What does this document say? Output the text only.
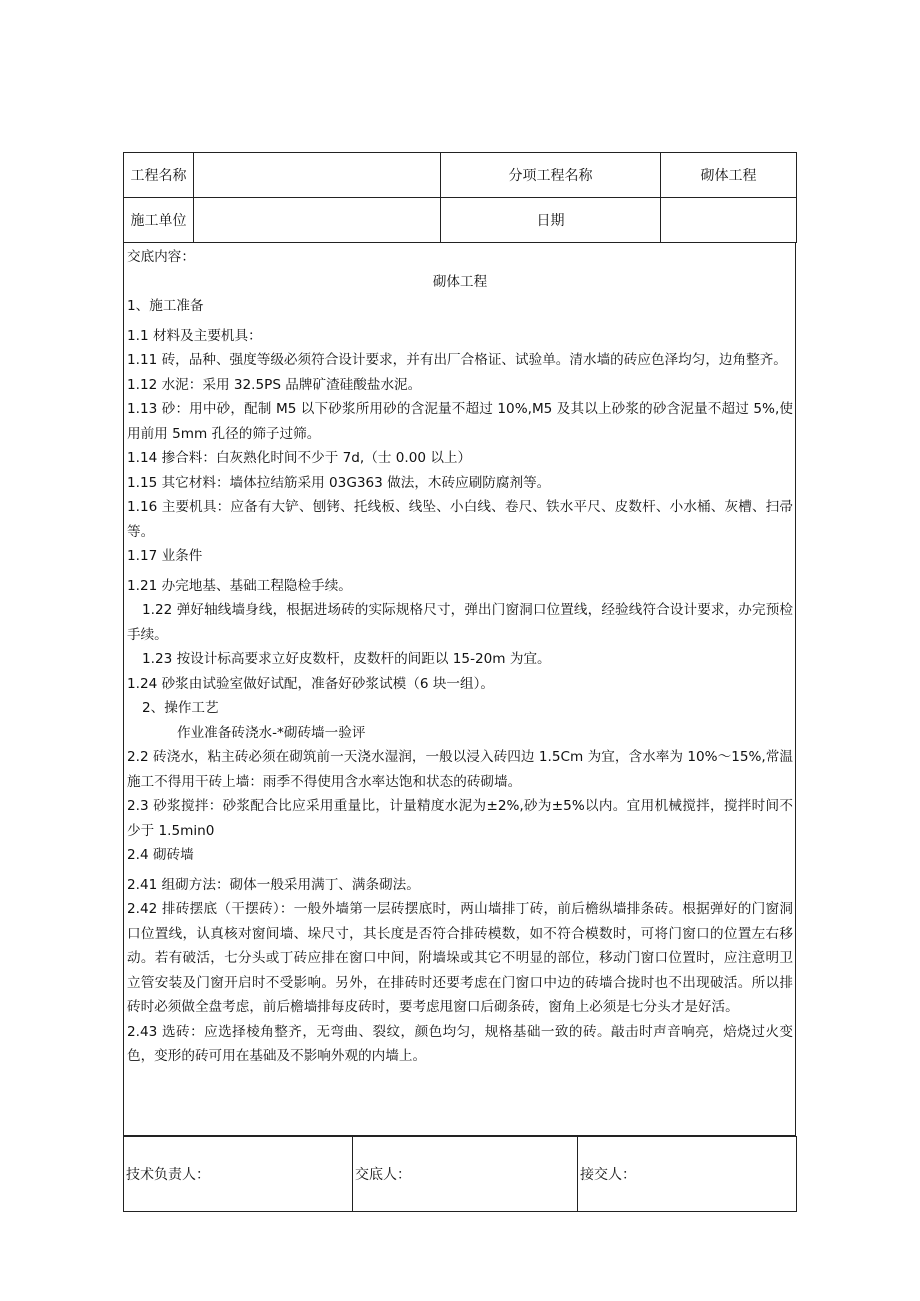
工程名称		分项工程名称	砌体工程
施工单位		日期	

交底内容：

砌体工程

1、施工准备

1.1 材料及主要机具：

1.11 砖，品种、强度等级必须符合设计要求，并有出厂合格证、试验单。清水墙的砖应色泽均匀，边角整齐。

1.12 水泥：采用 32.5PS 品牌矿渣硅酸盐水泥。

1.13 砂：用中砂，配制 M5 以下砂浆所用砂的含泥量不超过 10%,M5 及其以上砂浆的砂含泥量不超过 5%,使用前用 5mm 孔径的筛子过筛。

1.14 掺合料：白灰熟化时间不少于 7d,（士 0.00 以上）

1.15 其它材料：墙体拉结筋采用 03G363 做法，木砖应刷防腐剂等。

1.16 主要机具：应备有大铲、刨铐、托线板、线坠、小白线、卷尺、铁水平尺、皮数杆、小水桶、灰槽、扫帚等。

1.17 业条件

1.21 办完地基、基础工程隐检手续。

1.22 弹好轴线墙身线，根据进场砖的实际规格尺寸，弹出门窗洞口位置线，经验线符合设计要求，办完预检手续。

1.23 按设计标高要求立好皮数杆，皮数杆的间距以 15-20m 为宜。

1.24 砂浆由试验室做好试配，准备好砂浆试模（6 块一组）。

2、操作工艺

作业准备砖浇水-*砌砖墙一验评

2.2 砖浇水，粘主砖必须在砌筑前一天浇水湿润，一般以浸入砖四边 1.5Cm 为宜，含水率为 10%～15%,常温施工不得用干砖上墙：雨季不得使用含水率达饱和状态的砖砌墙。

2.3 砂浆搅拌：砂浆配合比应采用重量比，计量精度水泥为±2%,砂为±5%以内。宜用机械搅拌，搅拌时间不少于 1.5min0

2.4 砌砖墙

2.41 组砌方法：砌体一般采用满丁、满条砌法。

2.42 排砖摆底（干摆砖）：一般外墙第一层砖摆底时，两山墙排丁砖，前后檐纵墙排条砖。根据弹好的门窗洞口位置线，认真核对窗间墙、垛尺寸，其长度是否符合排砖模数，如不符合模数时，可将门窗口的位置左右移动。若有破活，七分头或丁砖应排在窗口中间，附墙垛或其它不明显的部位，移动门窗口位置时，应注意明卫立管安装及门窗开启时不受影响。另外，在排砖时还要考虑在门窗口中边的砖墙合拢时也不出现破活。所以排砖时必须做全盘考虑，前后檐墙排每皮砖时，要考虑甩窗口后砌条砖，窗角上必须是七分头才是好活。

2.43 选砖：应选择棱角整齐，无弯曲、裂纹，颜色均匀，规格基础一致的砖。敲击时声音响亮，焙烧过火变色，变形的砖可用在基础及不影响外观的内墙上。

技术负责人：	交底人：	接交人：
